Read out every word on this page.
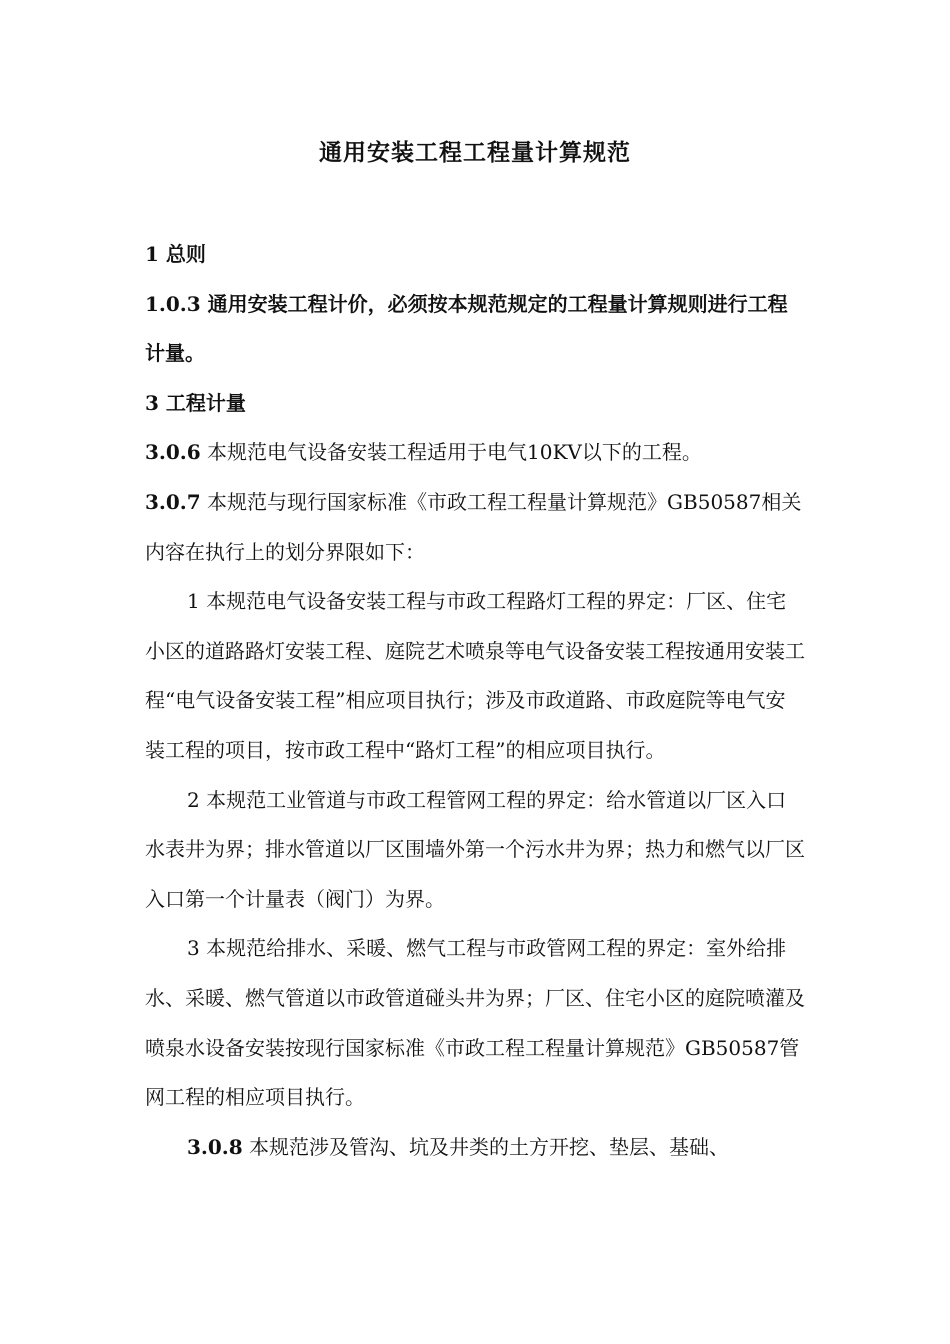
通用安装工程工程量计算规范

1 总则

1.0.3 通用安装工程计价，必须按本规范规定的工程量计算规则进行工程计量。

3 工程计量

3.0.6 本规范电气设备安装工程适用于电气10KV以下的工程。

3.0.7 本规范与现行国家标准《市政工程工程量计算规范》GB50587相关内容在执行上的划分界限如下：

1 本规范电气设备安装工程与市政工程路灯工程的界定：厂区、住宅小区的道路路灯安装工程、庭院艺术喷泉等电气设备安装工程按通用安装工程“电气设备安装工程”相应项目执行；涉及市政道路、市政庭院等电气安装工程的项目，按市政工程中“路灯工程”的相应项目执行。

2 本规范工业管道与市政工程管网工程的界定：给水管道以厂区入口水表井为界；排水管道以厂区围墙外第一个污水井为界；热力和燃气以厂区入口第一个计量表（阀门）为界。

3 本规范给排水、采暖、燃气工程与市政管网工程的界定：室外给排水、采暖、燃气管道以市政管道碰头井为界；厂区、住宅小区的庭院喷灌及喷泉水设备安装按现行国家标准《市政工程工程量计算规范》GB50587管网工程的相应项目执行。

3.0.8 本规范涉及管沟、坑及井类的土方开挖、垫层、基础、
